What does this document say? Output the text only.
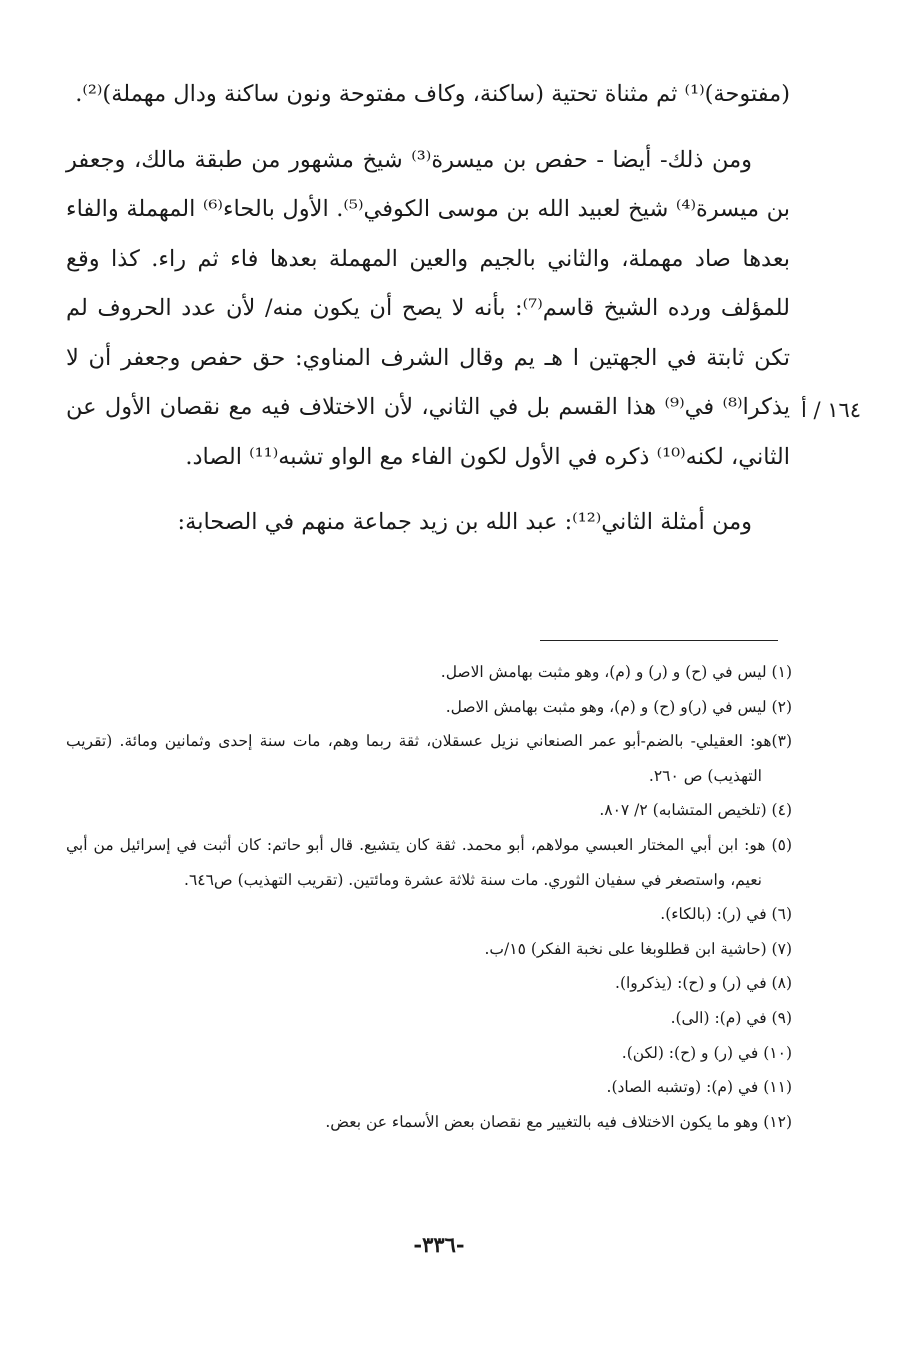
١٦٤ / أ

(مفتوحة)⁽¹⁾ ثم مثناة تحتية (ساكنة، وكاف مفتوحة ونون ساكنة ودال مهملة)⁽²⁾.

ومن ذلك- أيضا - حفص بن ميسرة⁽³⁾ شيخ مشهور من طبقة مالك، وجعفر بن ميسرة⁽⁴⁾ شيخ لعبيد الله بن موسى الكوفي⁽⁵⁾. الأول بالحاء⁽⁶⁾ المهملة والفاء بعدها صاد مهملة، والثاني بالجيم والعين المهملة بعدها فاء ثم راء. كذا وقع للمؤلف ورده الشيخ قاسم⁽⁷⁾: بأنه لا يصح أن يكون منه/ لأن عدد الحروف لم تكن ثابتة في الجهتين ا هـ يم وقال الشرف المناوي: حق حفص وجعفر أن لا يذكرا⁽⁸⁾ في⁽⁹⁾ هذا القسم بل في الثاني، لأن الاختلاف فيه مع نقصان الأول عن الثاني، لكنه⁽¹⁰⁾ ذكره في الأول لكون الفاء مع الواو تشبه⁽¹¹⁾ الصاد.

ومن أمثلة الثاني⁽¹²⁾: عبد الله بن زيد جماعة منهم في الصحابة:

(١) ليس في (ح) و (ر) و (م)، وهو مثبت بهامش الاصل.

(٢) ليس في (ر)و (ح) و (م)، وهو مثبت بهامش الاصل.

(٣)هو: العقيلي- بالضم-أبو عمر الصنعاني نزيل عسقلان، ثقة ربما وهم، مات سنة إحدى وثمانين ومائة. (تقريب التهذيب) ص ٢٦٠.

(٤) (تلخيص المتشابه) ٢/ ٨٠٧.

(٥) هو: ابن أبي المختار العبسي مولاهم، أبو محمد. ثقة كان يتشيع. قال أبو حاتم: كان أثبت في إسرائيل من أبي نعيم، واستصغر في سفيان الثوري. مات سنة ثلاثة عشرة ومائتين. (تقريب التهذيب) ص٦٤٦.

(٦) في (ر): (بالكاء).

(٧) (حاشية ابن قطلوبغا على نخبة الفكر) ١٥/ب.

(٨) في (ر) و (ح): (يذكروا).

(٩) في (م): (الى).

(١٠) في (ر) و (ح): (لكن).

(١١) في (م): (وتشبه الصاد).

(١٢) وهو ما يكون الاختلاف فيه بالتغيير مع نقصان بعض الأسماء عن بعض.

-٣٣٦-
